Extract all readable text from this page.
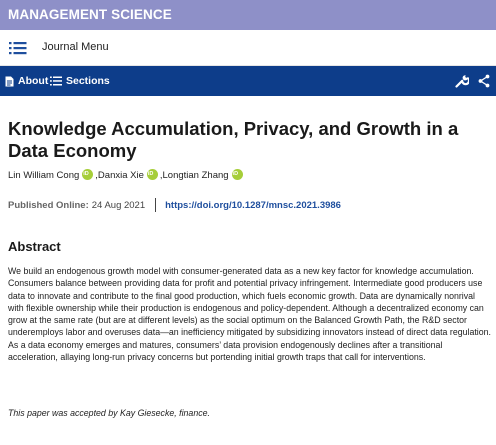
MANAGEMENT SCIENCE
Journal Menu
About Sections
Knowledge Accumulation, Privacy, and Growth in a Data Economy
Lin William Cong iD , Danxia Xie iD , Longtian Zhang
iD
Published Online: 24 Aug 2021 https://doi.org/10.1287/mnsc.2021.3986
Abstract

We build an endogenous growth model with consumer-generated data as a new key factor for knowledge accumulation. Consumers balance between providing data for profit and potential privacy infringement. Intermediate good producers use data to innovate and contribute to the final good production, which fuels economic growth. Data are dynamically nonrival with flexible ownership while their production is endogenous and policy-dependent. Although a decentralized economy can grow at the same rate (but are at different levels) as the social optimum on the Balanced Growth Path, the R&D sector underemploys labor and overuses data—an inefficiency mitigated by subsidizing innovators instead of direct data regulation. As a data economy emerges and matures, consumers’ data provision endogenously declines after a transitional acceleration, allaying long-run privacy concerns but portending initial growth traps that call for interventions.

This paper was accepted by Kay Giesecke, finance.
